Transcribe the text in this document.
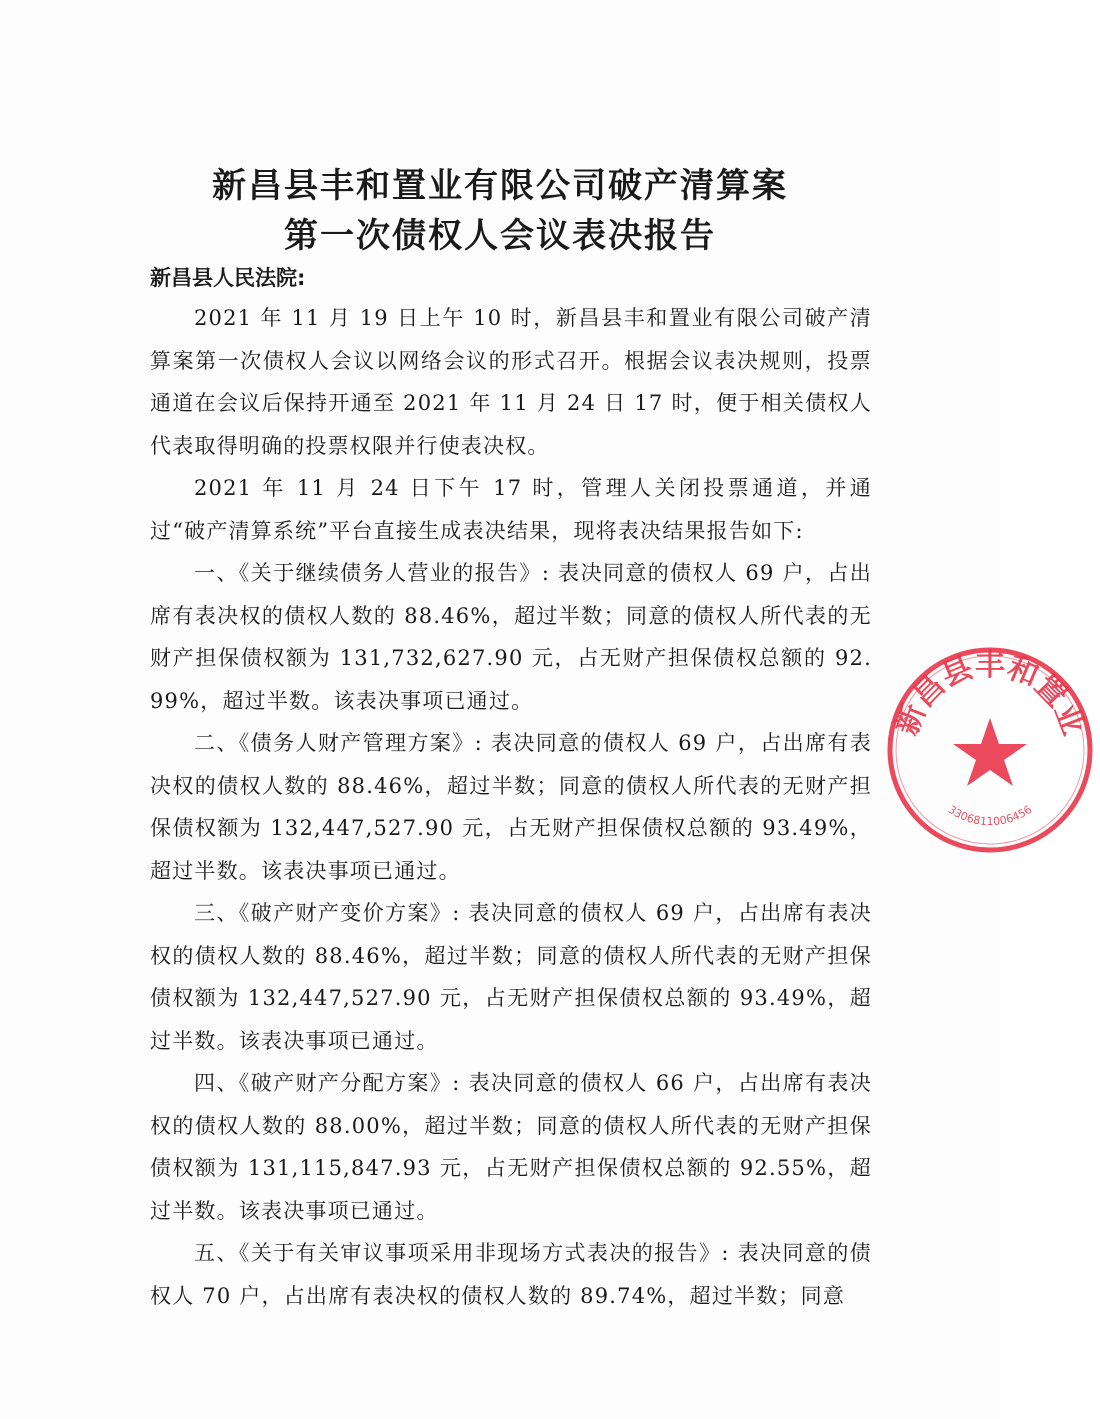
新昌县丰和置业有限公司破产清算案
第一次债权人会议表决报告
新昌县人民法院:

2021 年 11 月 19 日上午 10 时，新昌县丰和置业有限公司破产清算案第一次债权人会议以网络会议的形式召开。根据会议表决规则，投票通道在会议后保持开通至 2021 年 11 月 24 日 17 时，便于相关债权人代表取得明确的投票权限并行使表决权。

2021 年 11 月 24 日下午 17 时，管理人关闭投票通道，并通过“破产清算系统”平台直接生成表决结果，现将表决结果报告如下:

一、《关于继续债务人营业的报告》: 表决同意的债权人 69 户，占出席有表决权的债权人数的 88.46%，超过半数；同意的债权人所代表的无财产担保债权额为 131,732,627.90 元，占无财产担保债权总额的 92.99%，超过半数。该表决事项已通过。

二、《债务人财产管理方案》: 表决同意的债权人 69 户，占出席有表决权的债权人数的 88.46%，超过半数；同意的债权人所代表的无财产担保债权额为 132,447,527.90 元，占无财产担保债权总额的 93.49%，超过半数。该表决事项已通过。

三、《破产财产变价方案》: 表决同意的债权人 69 户，占出席有表决权的债权人数的 88.46%，超过半数；同意的债权人所代表的无财产担保债权额为 132,447,527.90 元，占无财产担保债权总额的 93.49%，超过半数。该表决事项已通过。

四、《破产财产分配方案》: 表决同意的债权人 66 户，占出席有表决权的债权人数的 88.00%，超过半数；同意的债权人所代表的无财产担保债权额为 131,115,847.93 元，占无财产担保债权总额的 92.55%，超过半数。该表决事项已通过。

五、《关于有关审议事项采用非现场方式表决的报告》: 表决同意的债权人 70 户，占出席有表决权的债权人数的 89.74%，超过半数；同意

新昌县丰和置业
3306811006456
